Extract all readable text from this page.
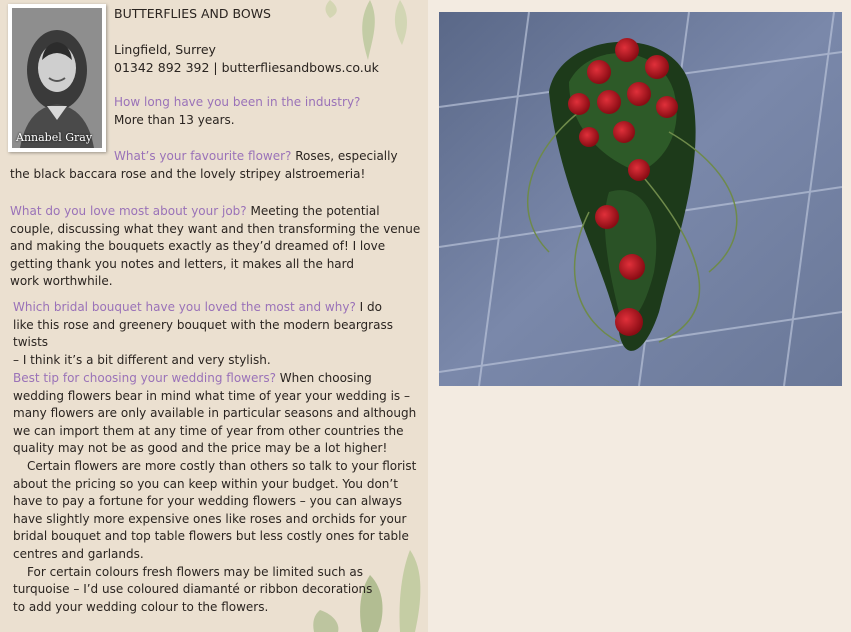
Annabel Gray
BUTTERFLIES AND BOWS
Lingfield, Surrey
01342 892 392 | butterfliesandbows.co.uk

How long have you been in the industry?
More than 13 years.

What’s your favourite flower? Roses, especially
the black baccara rose and the lovely stripey alstroemeria!

What do you love most about your job? Meeting the potential
couple, discussing what they want and then transforming the venue
and making the bouquets exactly as they’d dreamed of! I love
getting thank you notes and letters, it makes all the hard
work worthwhile.

Which bridal bouquet have you loved the most and why? I do
like this rose and greenery bouquet with the modern beargrass twists
– I think it’s a bit different and very stylish.

Best tip for choosing your wedding flowers? When choosing
wedding flowers bear in mind what time of year your wedding is –
many flowers are only available in particular seasons and although
we can import them at any time of year from other countries the
quality may not be as good and the price may be a lot higher!
Certain flowers are more costly than others so talk to your florist
about the pricing so you can keep within your budget. You don’t
have to pay a fortune for your wedding flowers – you can always
have slightly more expensive ones like roses and orchids for your
bridal bouquet and top table flowers but less costly ones for table
centres and garlands.
For certain colours fresh flowers may be limited such as
turquoise – I’d use coloured diamanté or ribbon decorations
to add your wedding colour to the flowers.
